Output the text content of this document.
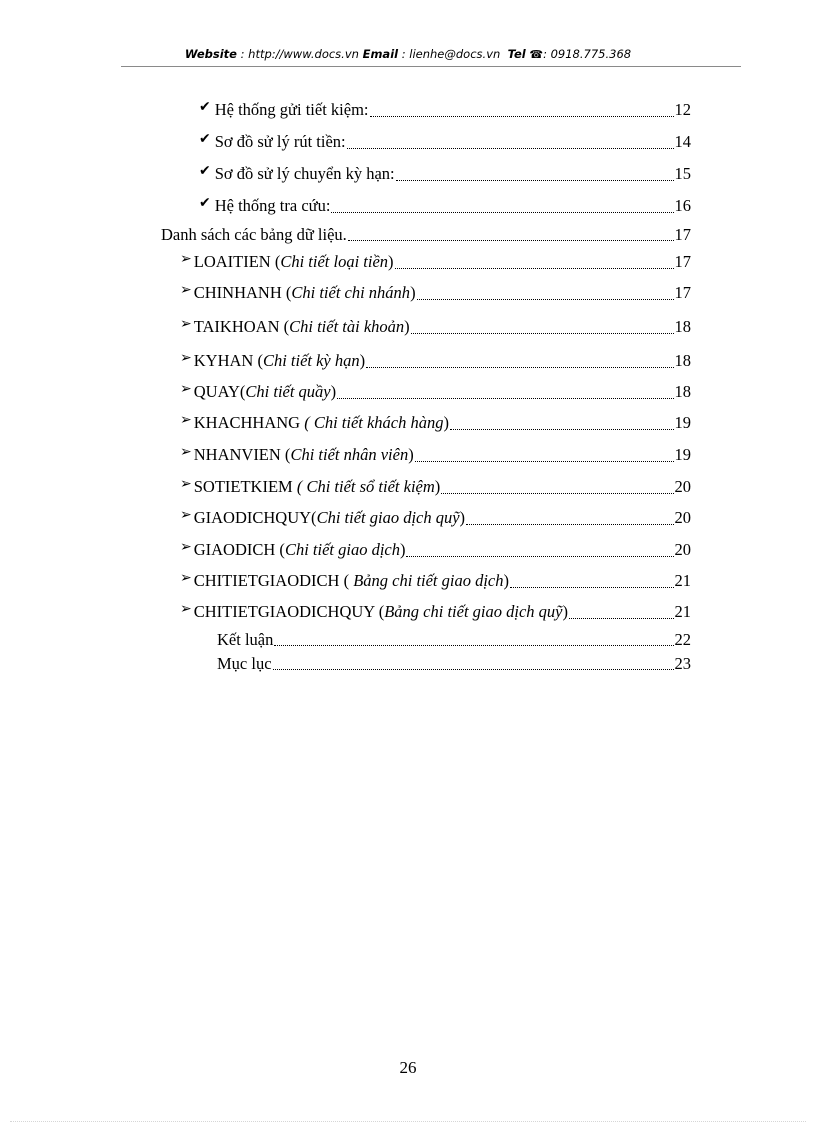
Website : http://www.docs.vn Email : lienhe@docs.vn Tel ☎: 0918.775.368
✔ Hệ thống gửi tiết kiệm:	12
✔ Sơ đồ sử lý rút tiền:	14
✔ Sơ đồ sử lý chuyển kỳ hạn:	15
✔ Hệ thống tra cứu:	16
Danh sách các bảng dữ liệu.	17
➢ LOAITIEN (Chi tiết loại tiền)	17
➢ CHINHANH (Chi tiết chi nhánh)	17
➢ TAIKHOAN (Chi tiết tài khoản)	18
➢ KYHAN (Chi tiết kỳ hạn)	18
➢ QUAY(Chi tiết quầy)	18
➢ KHACHHANG ( Chi tiết khách hàng)	19
➢ NHANVIEN (Chi tiết nhân viên)	19
➢ SOTIETKIEM ( Chi tiết sổ tiết kiệm)	20
➢ GIAODICHQUY(Chi tiết giao dịch quỹ)	20
➢ GIAODICH (Chi tiết giao dịch)	20
➢ CHITIETGIAODICH ( Bảng chi tiết giao dịch)	21
➢ CHITIETGIAODICHQUY (Bảng chi tiết giao dịch quỹ)	21
Kết luận	22
Mục lục	23
26
